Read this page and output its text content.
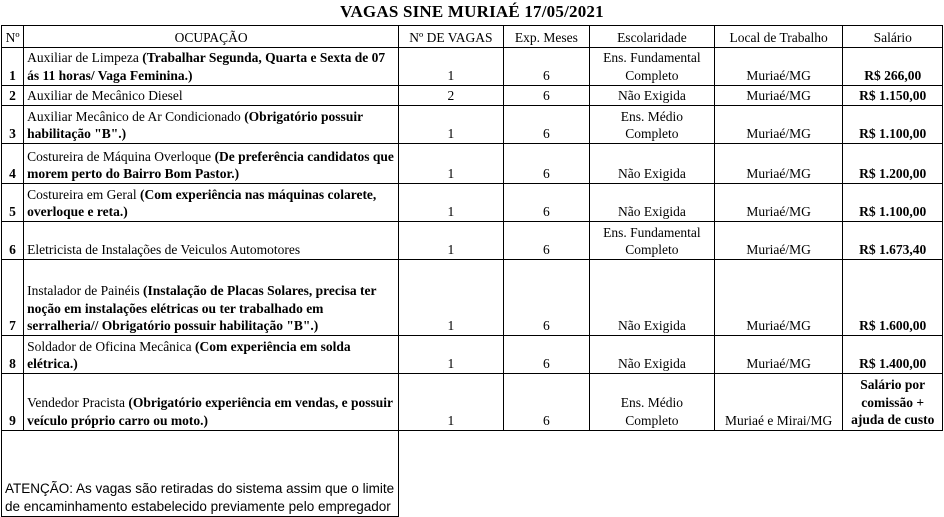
VAGAS SINE MURIAÉ 17/05/2021
Nº	OCUPAÇÃO	Nº DE VAGAS	Exp. Meses	Escolaridade	Local de Trabalho	Salário
1	Auxiliar de Limpeza (Trabalhar Segunda, Quarta e Sexta de 07 ás 11 horas/ Vaga Feminina.)	1	6	Ens. Fundamental Completo	Muriaé/MG	R$ 266,00
2	Auxiliar de Mecânico Diesel	2	6	Não Exigida	Muriaé/MG	R$ 1.150,00
3	Auxiliar Mecânico de Ar Condicionado (Obrigatório possuir habilitação "B".)	1	6	Ens. Médio Completo	Muriaé/MG	R$ 1.100,00
4	Costureira de Máquina Overloque (De preferência candidatos que morem perto do Bairro Bom Pastor.)	1	6	Não Exigida	Muriaé/MG	R$ 1.200,00
5	Costureira em Geral (Com experiência nas máquinas colarete, overloque e reta.)	1	6	Não Exigida	Muriaé/MG	R$ 1.100,00
6	Eletricista de Instalações de Veiculos Automotores	1	6	Ens. Fundamental Completo	Muriaé/MG	R$ 1.673,40
7	Instalador de Painéis (Instalação de Placas Solares, precisa ter noção em instalações elétricas ou ter trabalhado em serralheria// Obrigatório possuir habilitação "B".)	1	6	Não Exigida	Muriaé/MG	R$ 1.600,00
8	Soldador de Oficina Mecânica (Com experiência em solda elétrica.)	1	6	Não Exigida	Muriaé/MG	R$ 1.400,00
9	Vendedor Pracista (Obrigatório experiência em vendas, e possuir veículo próprio carro ou moto.)	1	6	Ens. Médio Completo	Muriaé e Mirai/MG	Salário por comissão + ajuda de custo
ATENÇÃO: As vagas são retiradas do sistema assim que o limite de encaminhamento estabelecido previamente pelo empregador						
